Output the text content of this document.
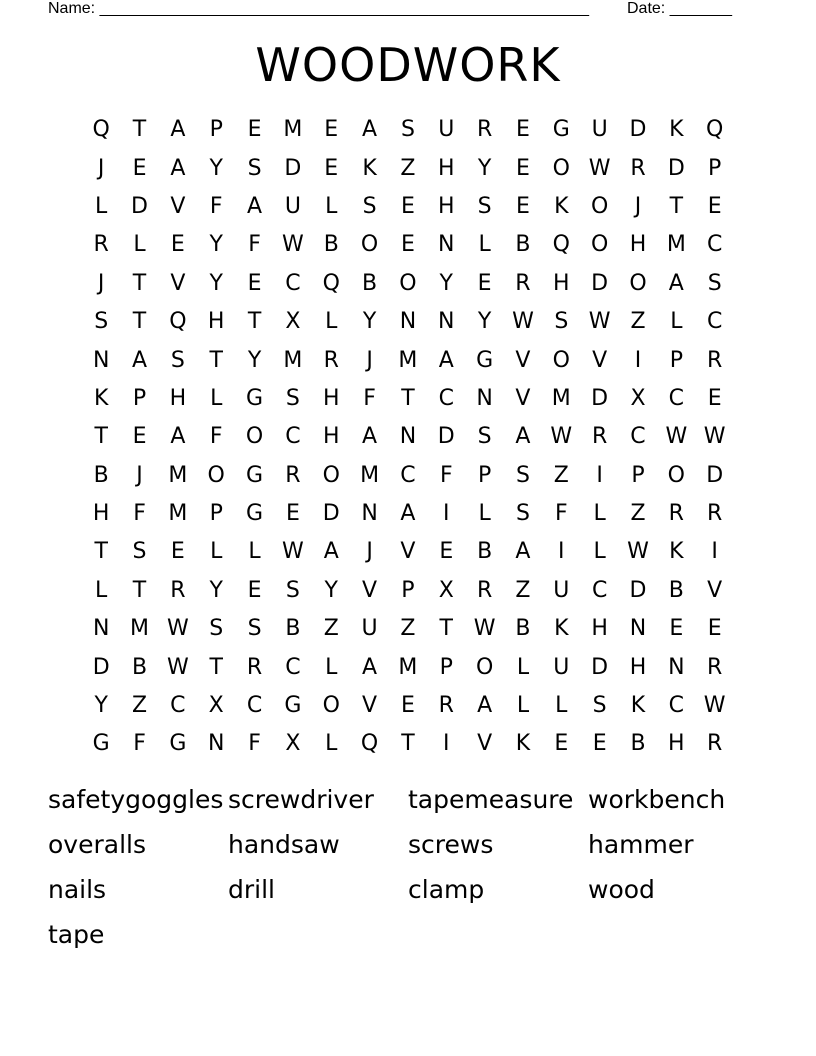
Name: _______________________________________________________ Date: _______
WOODWORK
Q	T	A	P	E M E	A	S	U	R	E	G U D	K	Q
J	E	A	Y	S	D	E	K	Z	H	Y	E	O W R	D	P
L	D	V	F	A	U	L	S	E	H	S	E	K	O	J	T	E
R	L	E	Y	F W B	O	E	N	L	B	Q O H M C
J	T	V	Y	E	C Q	B	O	Y	E	R	H D O	A	S
S	T	Q H	T	X	L	Y	N N	Y W S W Z	L	C
N	A	S	T	Y	M R	J	M A	G	V	O	V	I	P	R
K	P	H	L	G	S	H	F	T	C	N	V M D	X	C	E
T	E	A	F	O	C	H	A	N D	S	A W R	C W W
B	J	M O G	R	O M C	F	P	S	Z	I	P	O D
H	F	M	P	G	E	D N	A	I	L	S	F	L	Z	R	R
T	S	E	L	L W A	J	V	E	B	A	I	L W K	I
L	T	R	Y	E	S	Y	V	P	X	R	Z	U	C	D	B	V
N M W S	S	B	Z	U	Z	T W B	K	H N	E	E
D	B W T	R	C	L	A M	P	O	L	U D H N	R
Y	Z	C	X	C	G O	V	E	R	A	L	L	S	K	C W
G	F	G N	F	X	L	Q	T	I	V	K	E	E	B	H	R
safetygoggles screwdriver	tapemeasure workbench
overalls	handsaw	screws	hammer
nails	drill	clamp	wood
tape
